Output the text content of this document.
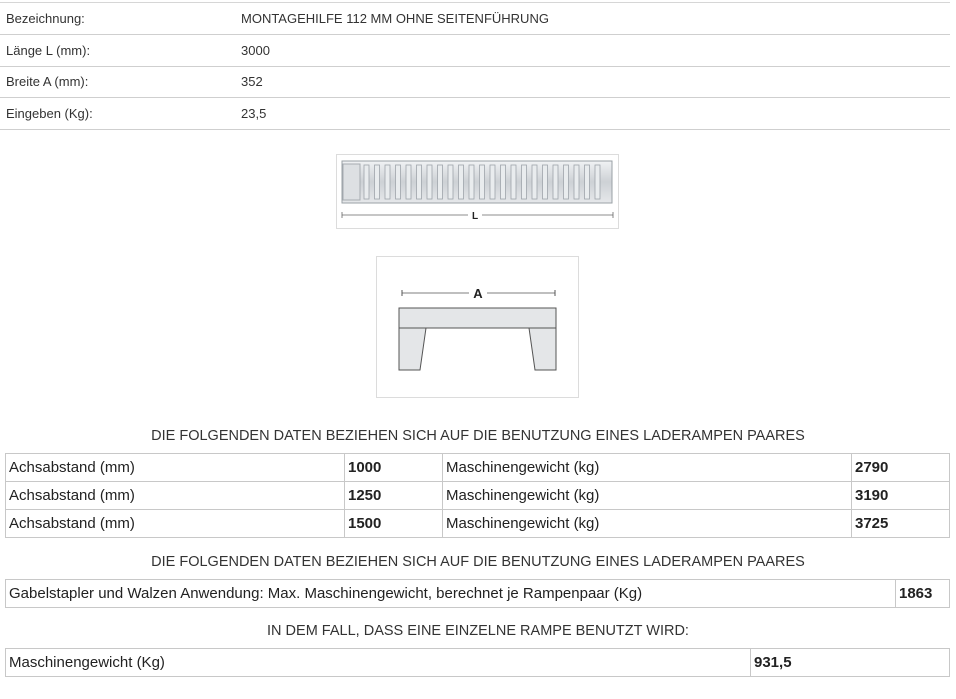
Bezeichnung:	MONTAGEHILFE 112 MM OHNE SEITENFÜHRUNG
Länge L (mm):	3000
Breite A (mm):	352
Eingeben (Kg):	23,5
L
A
DIE FOLGENDEN DATEN BEZIEHEN SICH AUF DIE BENUTZUNG EINES LADERAMPEN PAARES
Achsabstand (mm)	1000	Maschinengewicht (kg)	2790
Achsabstand (mm)	1250	Maschinengewicht (kg)	3190
Achsabstand (mm)	1500	Maschinengewicht (kg)	3725
DIE FOLGENDEN DATEN BEZIEHEN SICH AUF DIE BENUTZUNG EINES LADERAMPEN PAARES
Gabelstapler und Walzen Anwendung: Max. Maschinengewicht, berechnet je Rampenpaar (Kg)	1863
IN DEM FALL, DASS EINE EINZELNE RAMPE BENUTZT WIRD:
Maschinengewicht (Kg)	931,5
